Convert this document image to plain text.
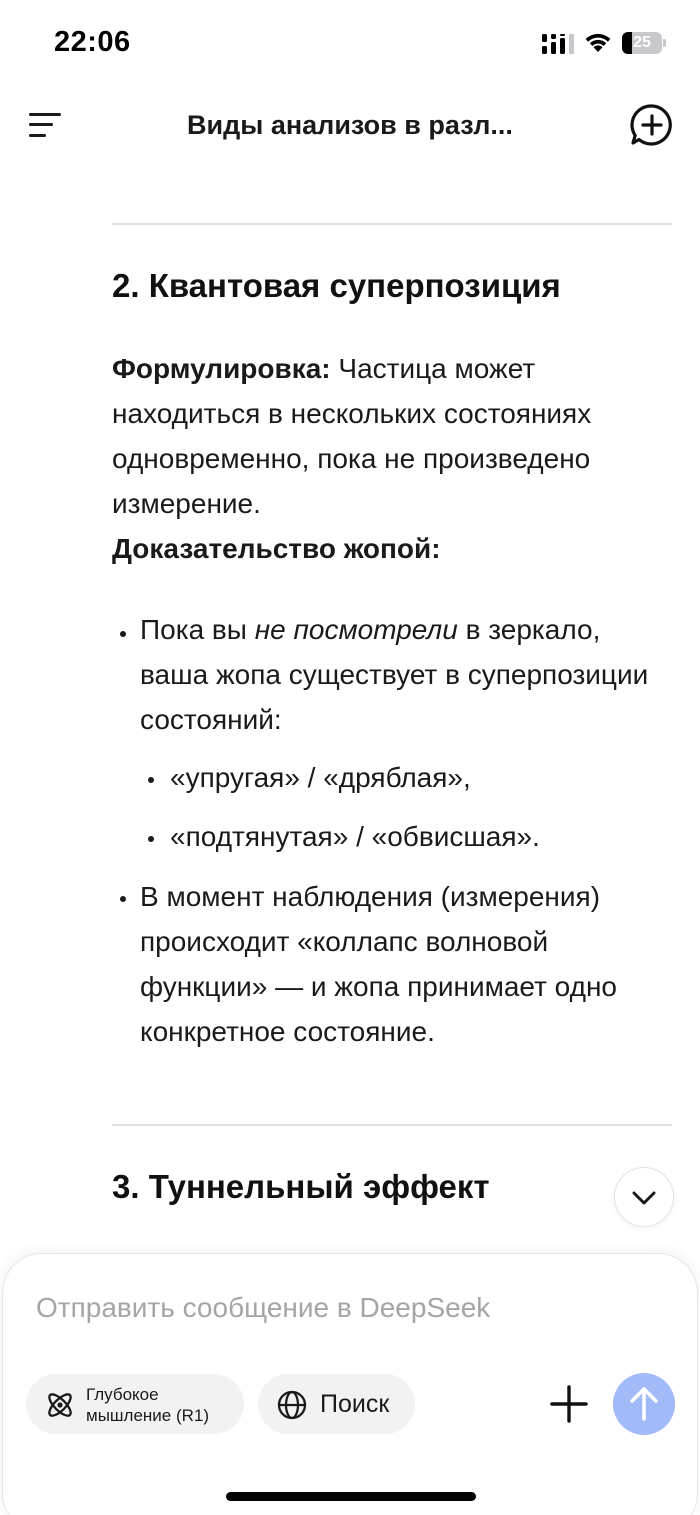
22:06	25
Виды анализов в разл...
2. Квантовая суперпозиция
Формулировка: Частица может находиться в нескольких состояниях одновременно, пока не произведено измерение.
Доказательство жопой:
Пока вы не посмотрели в зеркало, ваша жопа существует в суперпозиции состояний:
«упругая» / «дряблая»,
«подтянутая» / «обвисшая».
В момент наблюдения (измерения) происходит «коллапс волновой функции» — и жопа принимает одно конкретное состояние.
3. Туннельный эффект
Отправить сообщение в DeepSeek
Глубокое мышление (R1)	Поиск
